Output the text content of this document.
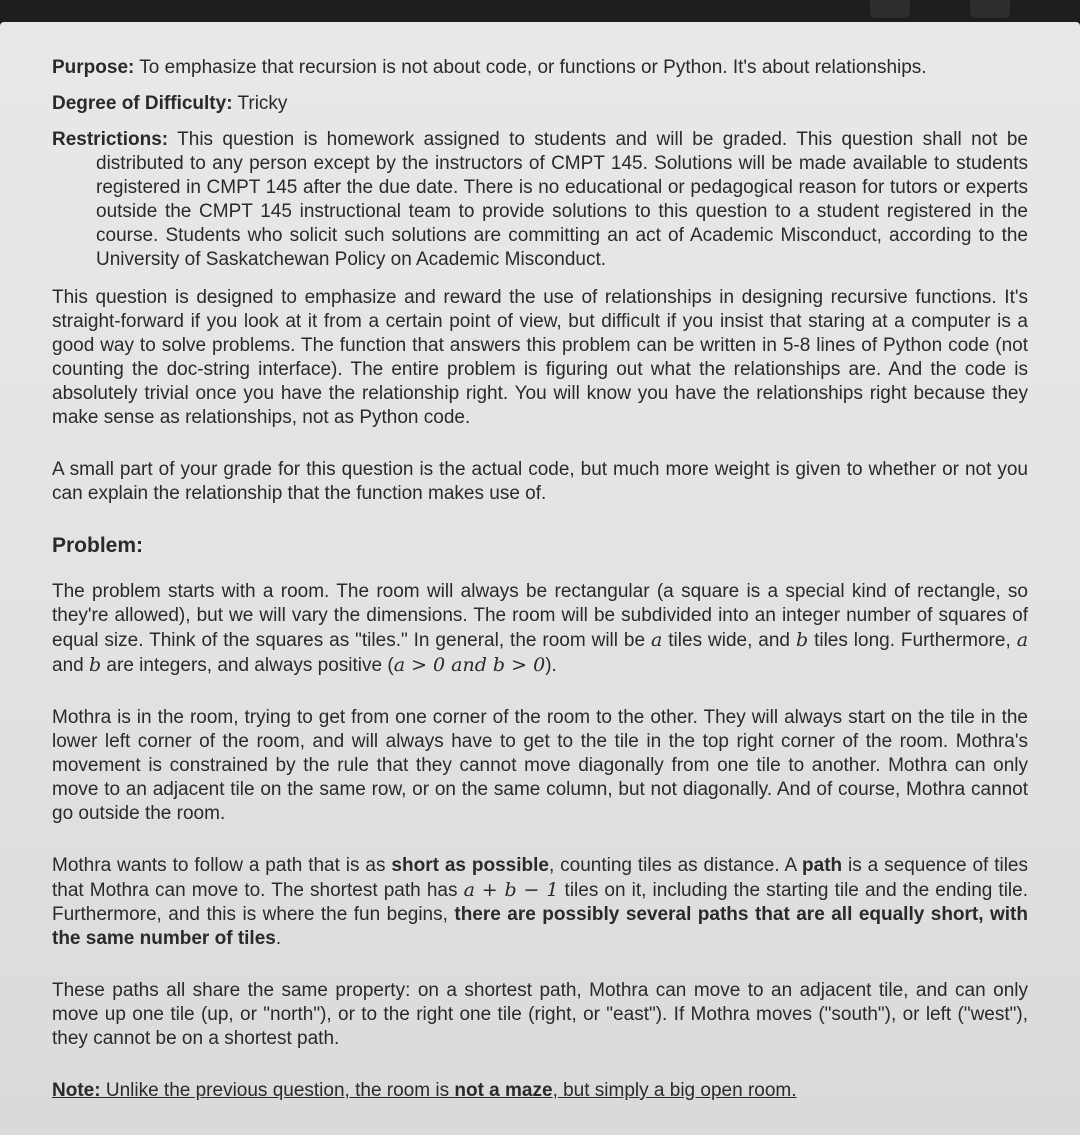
Purpose: To emphasize that recursion is not about code, or functions or Python. It's about relationships.

Degree of Difficulty: Tricky

Restrictions: This question is homework assigned to students and will be graded. This question shall not be distributed to any person except by the instructors of CMPT 145. Solutions will be made available to students registered in CMPT 145 after the due date. There is no educational or pedagogical reason for tutors or experts outside the CMPT 145 instructional team to provide solutions to this question to a student registered in the course. Students who solicit such solutions are committing an act of Academic Misconduct, according to the University of Saskatchewan Policy on Academic Misconduct.

This question is designed to emphasize and reward the use of relationships in designing recursive functions. It's straight-forward if you look at it from a certain point of view, but difficult if you insist that staring at a computer is a good way to solve problems. The function that answers this problem can be written in 5-8 lines of Python code (not counting the doc-string interface). The entire problem is figuring out what the relationships are. And the code is absolutely trivial once you have the relationship right. You will know you have the relationships right because they make sense as relationships, not as Python code.

A small part of your grade for this question is the actual code, but much more weight is given to whether or not you can explain the relationship that the function makes use of.

Problem:

The problem starts with a room. The room will always be rectangular (a square is a special kind of rectangle, so they're allowed), but we will vary the dimensions. The room will be subdivided into an integer number of squares of equal size. Think of the squares as "tiles." In general, the room will be a tiles wide, and b tiles long. Furthermore, a and b are integers, and always positive (a > 0 and b > 0).

Mothra is in the room, trying to get from one corner of the room to the other. They will always start on the tile in the lower left corner of the room, and will always have to get to the tile in the top right corner of the room. Mothra's movement is constrained by the rule that they cannot move diagonally from one tile to another. Mothra can only move to an adjacent tile on the same row, or on the same column, but not diagonally. And of course, Mothra cannot go outside the room.

Mothra wants to follow a path that is as short as possible, counting tiles as distance. A path is a sequence of tiles that Mothra can move to. The shortest path has a + b − 1 tiles on it, including the starting tile and the ending tile. Furthermore, and this is where the fun begins, there are possibly several paths that are all equally short, with the same number of tiles.

These paths all share the same property: on a shortest path, Mothra can move to an adjacent tile, and can only move up one tile (up, or "north"), or to the right one tile (right, or "east"). If Mothra moves ("south"), or left ("west"), they cannot be on a shortest path.

Note: Unlike the previous question, the room is not a maze, but simply a big open room.
